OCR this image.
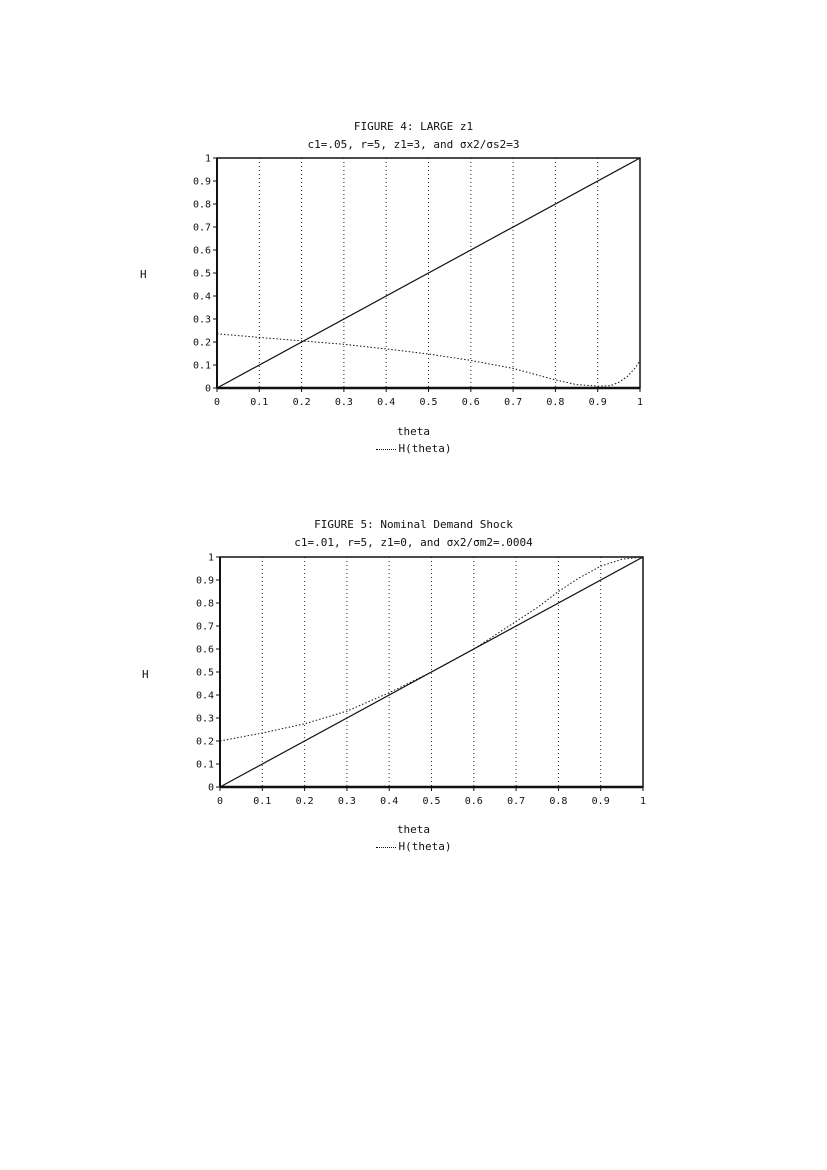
FIGURE 4: LARGE z1
c1=.05, r=5, z1=3, and σx2/σs2=3
H
0
0.1
0.2
0.3
0.4
0.5
0.6
0.7
0.8
0.9
1
0	0.1 0.2 0.3 0.4 0.5 0.6 0.7 0.8 0.9	1
theta
H(theta)
FIGURE 5: Nominal Demand Shock
c1=.01, r=5, z1=0, and σx2/σm2=.0004
H
0
0.1
0.2
0.3
0.4
0.5
0.6
0.7
0.8
0.9
1
0	0.1 0.2 0.3 0.4 0.5 0.6 0.7 0.8 0.9	1
theta
H(theta)
